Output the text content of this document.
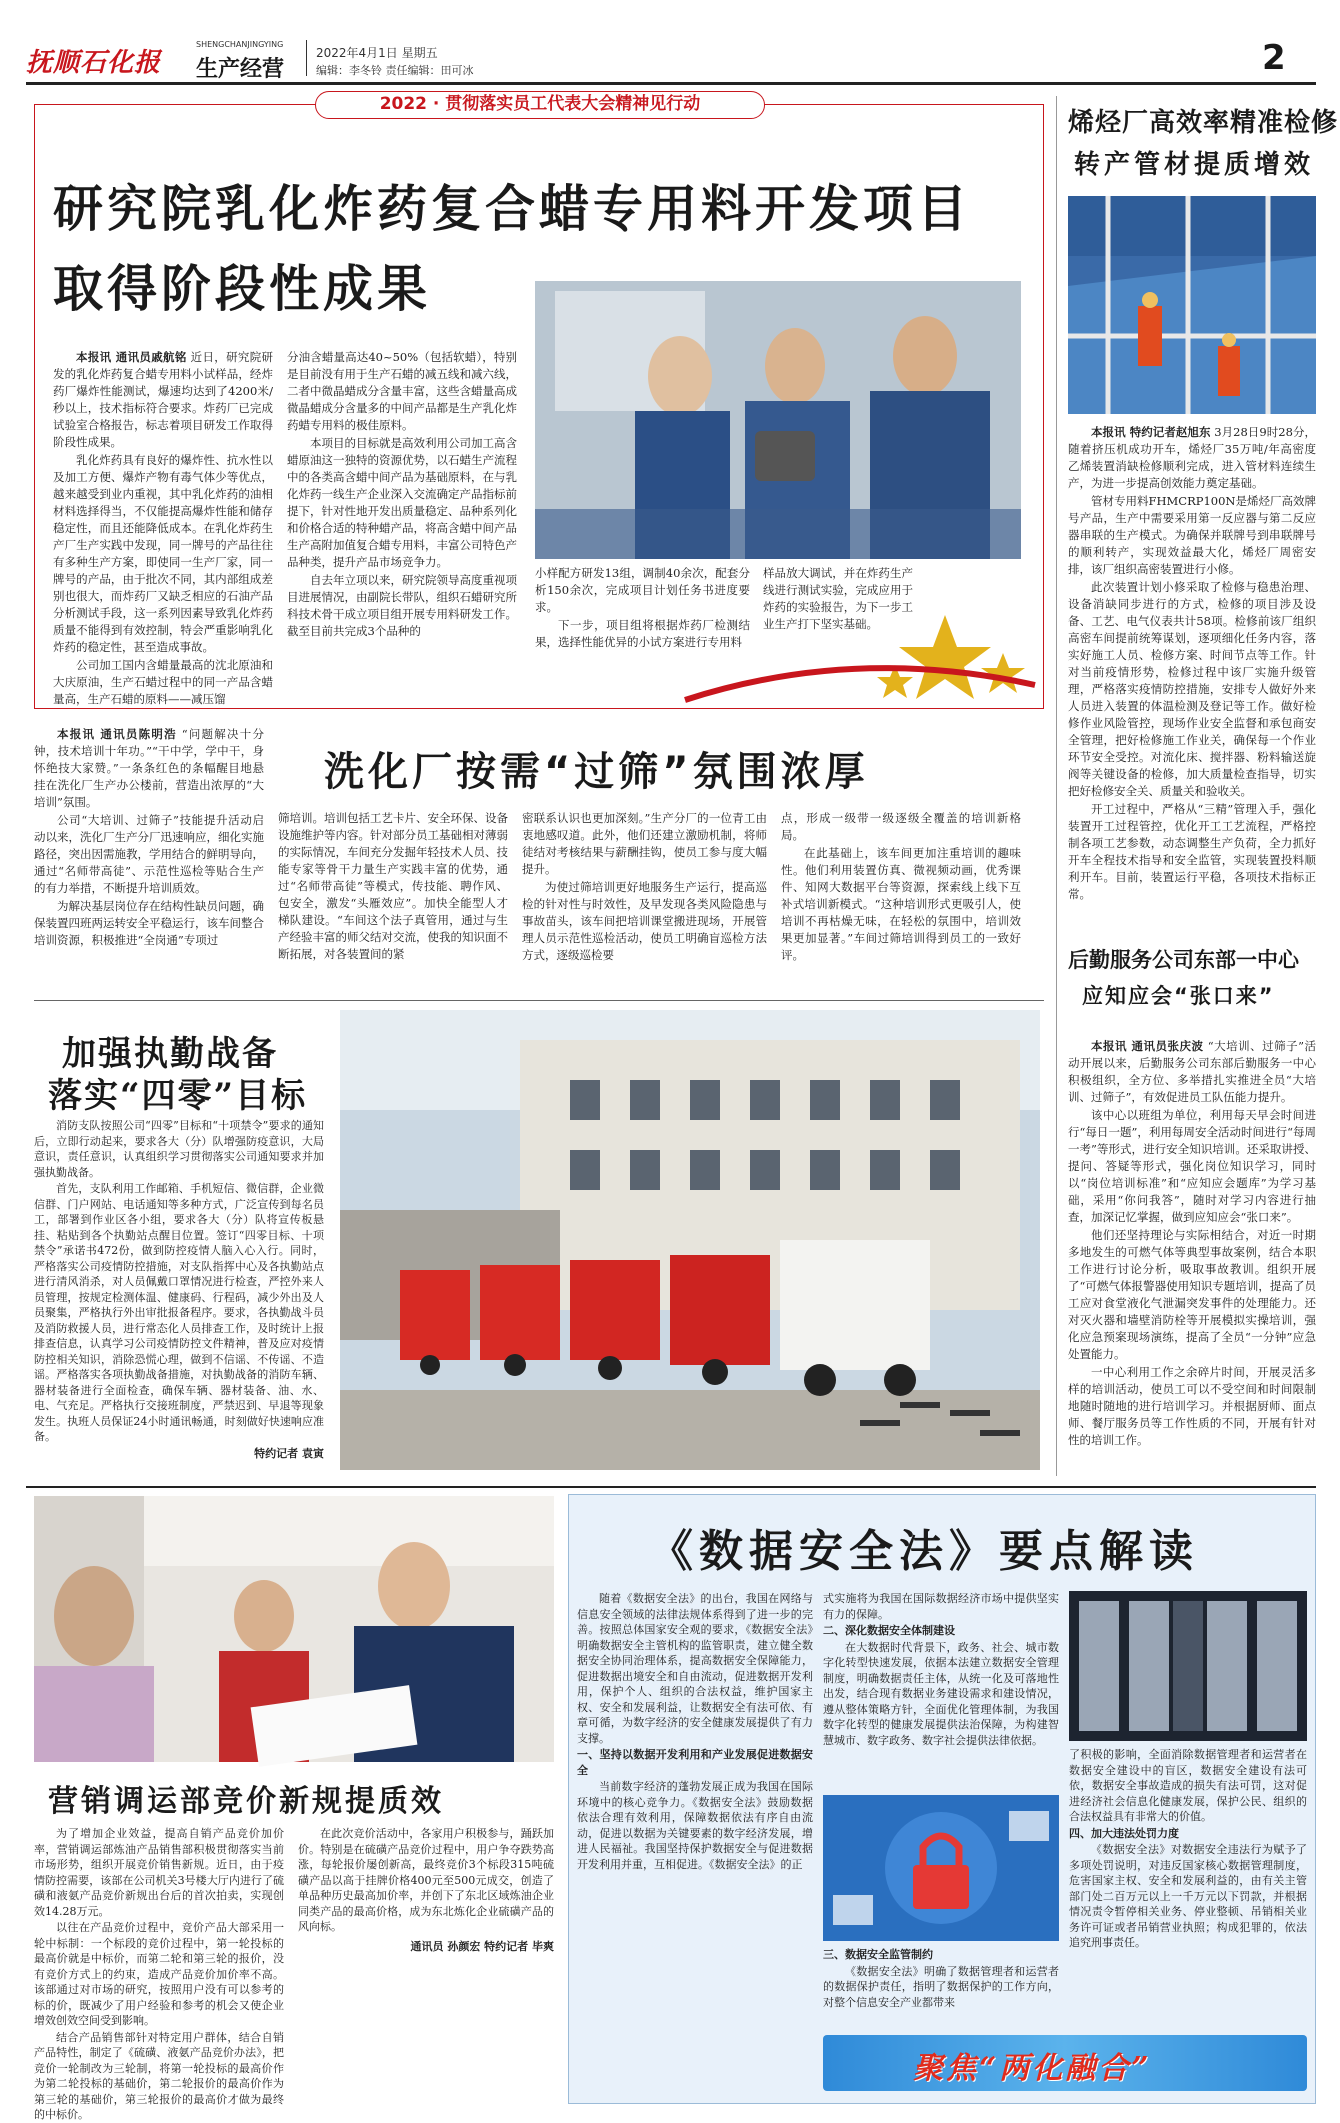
抚顺石化报
SHENGCHANJINGYING
生产经营
2022年4月1日 星期五
编辑：李冬铃 责任编辑：田可冰	2
2022 · 贯彻落实员工代表大会精神见行动
研究院乳化炸药复合蜡专用料开发项目
取得阶段性成果

本报讯 通讯员戚航铭 近日，研究院研发的乳化炸药复合蜡专用料小试样品，经炸药厂爆炸性能测试，爆速均达到了4200米/秒以上，技术指标符合要求。炸药厂已完成试验室合格报告，标志着项目研发工作取得阶段性成果。

乳化炸药具有良好的爆炸性、抗水性以及加工方便、爆炸产物有毒气体少等优点，越来越受到业内重视，其中乳化炸药的油相材料选择得当，不仅能提高爆炸性能和储存稳定性，而且还能降低成本。在乳化炸药生产厂生产实践中发现，同一牌号的产品往往有多种生产方案，即使同一生产厂家，同一牌号的产品，由于批次不同，其内部组成差别也很大，而炸药厂又缺乏相应的石油产品分析测试手段，这一系列因素导致乳化炸药质量不能得到有效控制，特会严重影响乳化炸药的稳定性，甚至造成事故。

公司加工国内含蜡量最高的沈北原油和大庆原油，生产石蜡过程中的同一产品含蜡量高，生产石蜡的原料——减压馏

分油含蜡量高达40~50%（包括软蜡），特别是目前没有用于生产石蜡的减五线和减六线，二者中微晶蜡成分含量丰富，这些含蜡量高成微晶蜡成分含量多的中间产品都是生产乳化炸药蜡专用料的极佳原料。

本项目的目标就是高效利用公司加工高含蜡原油这一独特的资源优势，以石蜡生产流程中的各类高含蜡中间产品为基础原料，在与乳化炸药一线生产企业深入交流确定产品指标前提下，针对性地开发出质量稳定、品种系列化和价格合适的特种蜡产品，将高含蜡中间产品生产高附加值复合蜡专用料，丰富公司特色产品种类，提升产品市场竞争力。

自去年立项以来，研究院领导高度重视项目进展情况，由副院长带队，组织石蜡研究所科技术骨干成立项目组开展专用料研发工作。截至目前共完成3个品种的

小样配方研发13组，调制40余次，配套分析150余次，完成项目计划任务书进度要求。

下一步，项目组将根据炸药厂检测结果，选择性能优异的小试方案进行专用料

样品放大调试，并在炸药生产线进行测试实验，完成应用于炸药的实验报告，为下一步工业生产打下坚实基础。

洗化厂按需“过筛”氛围浓厚

本报讯 通讯员陈明浩 “问题解决十分钟，技术培训十年功。”“干中学，学中干，身怀绝技大家赞。”一条条红色的条幅醒目地悬挂在洗化厂生产办公楼前，营造出浓厚的“大培训”氛围。

公司“大培训、过筛子”技能提升活动启动以来，洗化厂生产分厂迅速响应，细化实施路径，突出因需施教，学用结合的鲜明导向，通过“名师带高徒”、示范性巡检等贴合生产的有力举措，不断提升培训质效。

为解决基层岗位存在结构性缺员问题，确保装置四班两运转安全平稳运行，该车间整合培训资源，积极推进“全岗通”专项过

筛培训。培训包括工艺卡片、安全环保、设备设施维护等内容。针对部分员工基础相对薄弱的实际情况，车间充分发掘年轻技术人员、技能专家等骨干力量生产实践丰富的优势，通过“名师带高徒”等模式，传技能、聘作风、包安全，激发“头雁效应”。加快全能型人才梯队建设。“车间这个法子真管用，通过与生产经验丰富的师父结对交流，使我的知识面不断拓展，对各装置间的紧

密联系认识也更加深刻。”生产分厂的一位青工由衷地感叹道。此外，他们还建立激励机制，将师徒结对考核结果与薪酬挂钩，使员工参与度大幅提升。

为使过筛培训更好地服务生产运行，提高巡检的针对性与时效性，及早发现各类风险隐患与事故苗头，该车间把培训课堂搬进现场，开展管理人员示范性巡检活动，使员工明确盲巡检方法方式，逐级巡检要

点，形成一级带一级逐级全覆盖的培训新格局。

在此基础上，该车间更加注重培训的趣味性。他们利用装置仿真、微视频动画，优秀课件、知网大数据平台等资源，探索线上线下互补式培训新模式。“这种培训形式更吸引人，使培训不再枯燥无味，在轻松的氛围中，培训效果更加显著。”车间过筛培训得到员工的一致好评。

加强执勤战备
落实“四零”目标

消防支队按照公司“四零”目标和“十项禁令”要求的通知后，立即行动起来，要求各大（分）队增强防疫意识，大局意识，责任意识，认真组织学习贯彻落实公司通知要求并加强执勤战备。

首先，支队利用工作邮箱、手机短信、微信群，企业微信群、门户网站、电话通知等多种方式，广泛宣传到每名员工，部署到作业区各小组，要求各大（分）队将宣传板悬挂、粘贴到各个执勤站点醒目位置。签订“四零目标、十项禁令”承诺书472份，做到防控疫情人脑入心入行。同时，严格落实公司疫情防控措施，对支队指挥中心及各执勤站点进行清风消杀，对人员佩戴口罩情况进行检查，严控外来人员管理，按规定检测体温、健康码、行程码，减少外出及人员聚集，严格执行外出审批报备程序。要求，各执勤战斗员及消防救援人员，进行常态化人员排查工作，及时统计上报排查信息，认真学习公司疫情防控文件精神，普及应对疫情防控相关知识，消除恐慌心理，做到不信谣、不传谣、不造谣。严格落实各项执勤战备措施，对执勤战备的消防车辆、器材装备进行全面检查，确保车辆、器材装备、油、水、电、气充足。严格执行交接班制度，严禁迟到、早退等现象发生。执班人员保证24小时通讯畅通，时刻做好快速响应准备。

特约记者 袁寅

烯烃厂高效率精准检修
转产管材提质增效

本报讯 特约记者赵旭东 3月28日9时28分，随着挤压机成功开车，烯烃厂35万吨/年高密度乙烯装置消缺检修顺利完成，进入管材料连续生产，为进一步提高创效能力奠定基础。

管材专用料FHMCRP100N是烯烃厂高效牌号产品，生产中需要采用第一反应器与第二反应器串联的生产模式。为确保并联牌号到串联牌号的顺利转产，实现效益最大化，烯烃厂周密安排，该厂组织高密装置进行小修。

此次装置计划小修采取了检修与稳患治理、设备消缺同步进行的方式，检修的项目涉及设备、工艺、电气仪表共计58项。检修前该厂组织高密车间提前统筹谋划，逐项细化任务内容，落实好施工人员、检修方案、时间节点等工作。针对当前疫情形势，检修过程中该厂实施升级管理，严格落实疫情防控措施，安排专人做好外来人员进入装置的体温检测及登记等工作。做好检修作业风险管控，现场作业安全监督和承包商安全管理，把好检修施工作业关，确保每一个作业环节安全受控。对流化床、搅拌器、粉料输送旋阀等关键设备的检修，加大质量检查指导，切实把好检修安全关、质量关和验收关。

开工过程中，严格从“三精”管理入手，强化装置开工过程管控，优化开工工艺流程，严格控制各项工艺参数，动态调整生产负荷，全力抓好开车全程技术指导和安全监管，实现装置投料顺利开车。目前，装置运行平稳，各项技术指标正常。

后勤服务公司东部一中心
应知应会“张口来”

本报讯 通讯员张庆波 “大培训、过筛子”活动开展以来，后勤服务公司东部后勤服务一中心积极组织，全方位、多举措扎实推进全员“大培训、过筛子”，有效促进员工队伍能力提升。

该中心以班组为单位，利用每天早会时间进行“每日一题”，利用每周安全活动时间进行“每周一考”等形式，进行安全知识培训。还采取讲授、提问、答疑等形式，强化岗位知识学习，同时以“岗位培训标准”和“应知应会题库”为学习基础，采用“你问我答”，随时对学习内容进行抽查，加深记忆掌握，做到应知应会“张口来”。

他们还坚持理论与实际相结合，对近一时期多地发生的可燃气体等典型事故案例，结合本职工作进行讨论分析，吸取事故教训。组织开展了“可燃气体报警器使用知识专题培训，提高了员工应对食堂液化气泄漏突发事件的处理能力。还对灭火器和墙壁消防栓等开展模拟实操培训，强化应急预案现场演练，提高了全员“一分钟”应急处置能力。

一中心利用工作之余碎片时间，开展灵活多样的培训活动，使员工可以不受空间和时间限制地随时随地的进行培训学习。并根据厨师、面点师、餐厅服务员等工作性质的不同，开展有针对性的培训工作。

营销调运部竞价新规提质效

为了增加企业效益，提高自销产品竞价加价率，营销调运部炼油产品销售部积极贯彻落实当前市场形势，组织开展竞价销售新规。近日，由于疫情防控需要，该部在公司机关3号楼大厅内进行了硫磺和液氨产品竞价新规出台后的首次拍卖，实现创效14.28万元。

以往在产品竞价过程中，竞价产品大部采用一轮中标制：一个标段的竞价过程中，第一轮投标的最高价就是中标价，而第二轮和第三轮的报价，没有竞价方式上的约束，造成产品竞价加价率不高。该部通过对市场的研究，按照用户没有可以参考的标的价，既减少了用户经验和参考的机会又使企业增效创效空间受到影响。

结合产品销售部针对特定用户群体，结合自销产品特性，制定了《硫磺、液氨产品竞价办法》，把竞价一轮制改为三轮制，将第一轮投标的最高价作为第二轮投标的基础价，第二轮报价的最高价作为第三轮的基础价，第三轮报价的最高价才做为最终的中标价。

在此次竞价活动中，各家用户积极参与，踊跃加价。特别是在硫磺产品竞价过程中，用户争夺跌势高涨，每轮报价屡创新高，最终竞价3个标段315吨硫磺产品以高于挂牌价格400元至500元成交，创造了单品种历史最高加价率，并创下了东北区域炼油企业同类产品的最高价格，成为东北炼化企业硫磺产品的风向标。

通讯员 孙颜宏 特约记者 毕爽

《数据安全法》要点解读

随着《数据安全法》的出台，我国在网络与信息安全领域的法律法规体系得到了进一步的完善。按照总体国家安全观的要求，《数据安全法》明确数据安全主管机构的监管职责，建立健全数据安全协同治理体系，提高数据安全保障能力，促进数据出境安全和自由流动，促进数据开发利用，保护个人、组织的合法权益，维护国家主权、安全和发展利益，让数据安全有法可依、有章可循，为数字经济的安全健康发展提供了有力支撑。

一、坚持以数据开发利用和产业发展促进数据安全

当前数字经济的蓬勃发展正成为我国在国际环境中的核心竞争力。《数据安全法》鼓励数据依法合理有效利用，保障数据依法有序自由流动，促进以数据为关键要素的数字经济发展，增进人民福祉。我国坚持保护数据安全与促进数据开发利用并重，互相促进。《数据安全法》的正

式实施将为我国在国际数据经济市场中提供坚实有力的保障。

二、深化数据安全体制建设

在大数据时代背景下，政务、社会、城市数字化转型快速发展，依据本法建立数据安全管理制度，明确数据责任主体，从统一化及可落地性出发，结合现有数据业务建设需求和建设情况，遵从整体策略方针，全面优化管理体制，为我国数字化转型的健康发展提供法治保障，为构建智慧城市、数字政务、数字社会提供法律依据。

三、数据安全监管制约

《数据安全法》明确了数据管理者和运营者的数据保护责任，指明了数据保护的工作方向，对整个信息安全产业都带来

了积极的影响，全面消除数据管理者和运营者在数据安全建设中的盲区，数据安全建设有法可依，数据安全事故造成的损失有法可罚，这对促进经济社会信息化健康发展，保护公民、组织的合法权益具有非常大的价值。

四、加大违法处罚力度

《数据安全法》对数据安全违法行为赋予了多项处罚说明，对违反国家核心数据管理制度，危害国家主权、安全和发展利益的，由有关主管部门处二百万元以上一千万元以下罚款，并根据情况责令暂停相关业务、停业整顿、吊销相关业务许可证或者吊销营业执照；构成犯罪的，依法追究刑事责任。

聚焦“两化融合”
